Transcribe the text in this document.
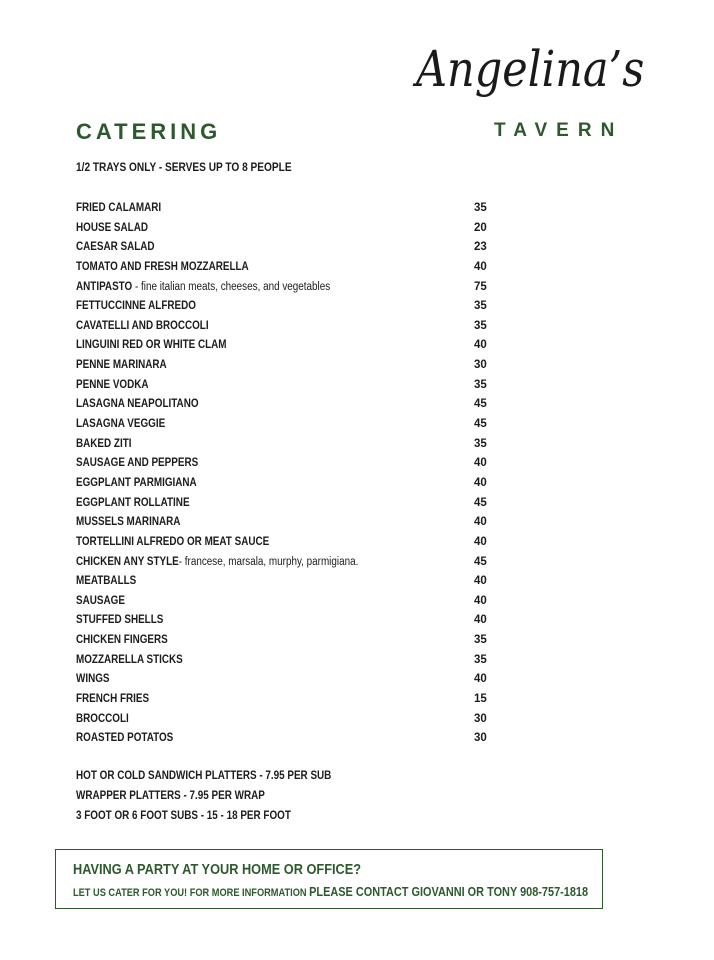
Angelina’s
TAVERN
CATERING
1/2 TRAYS ONLY - SERVES UP TO 8 PEOPLE
FRIED CALAMARI	35
HOUSE SALAD	20
CAESAR SALAD	23
TOMATO AND FRESH MOZZARELLA	40
ANTIPASTO - fine italian meats, cheeses, and vegetables	75
FETTUCCINNE ALFREDO	35
CAVATELLI AND BROCCOLI	35
LINGUINI RED OR WHITE CLAM	40
PENNE MARINARA	30
PENNE VODKA	35
LASAGNA NEAPOLITANO	45
LASAGNA VEGGIE	45
BAKED ZITI	35
SAUSAGE AND PEPPERS	40
EGGPLANT PARMIGIANA	40
EGGPLANT ROLLATINE	45
MUSSELS MARINARA	40
TORTELLINI ALFREDO OR MEAT SAUCE	40
CHICKEN ANY STYLE- francese, marsala, murphy, parmigiana.	45
MEATBALLS	40
SAUSAGE	40
STUFFED SHELLS	40
CHICKEN FINGERS	35
MOZZARELLA STICKS	35
WINGS	40
FRENCH FRIES	15
BROCCOLI	30
ROASTED POTATOS	30
HOT OR COLD SANDWICH PLATTERS - 7.95 PER SUB
WRAPPER PLATTERS - 7.95 PER WRAP
3 FOOT OR 6 FOOT SUBS - 15 - 18 PER FOOT
HAVING A PARTY AT YOUR HOME OR OFFICE?
LET US CATER FOR YOU! FOR MORE INFORMATION PLEASE CONTACT GIOVANNI OR TONY 908-757-1818
